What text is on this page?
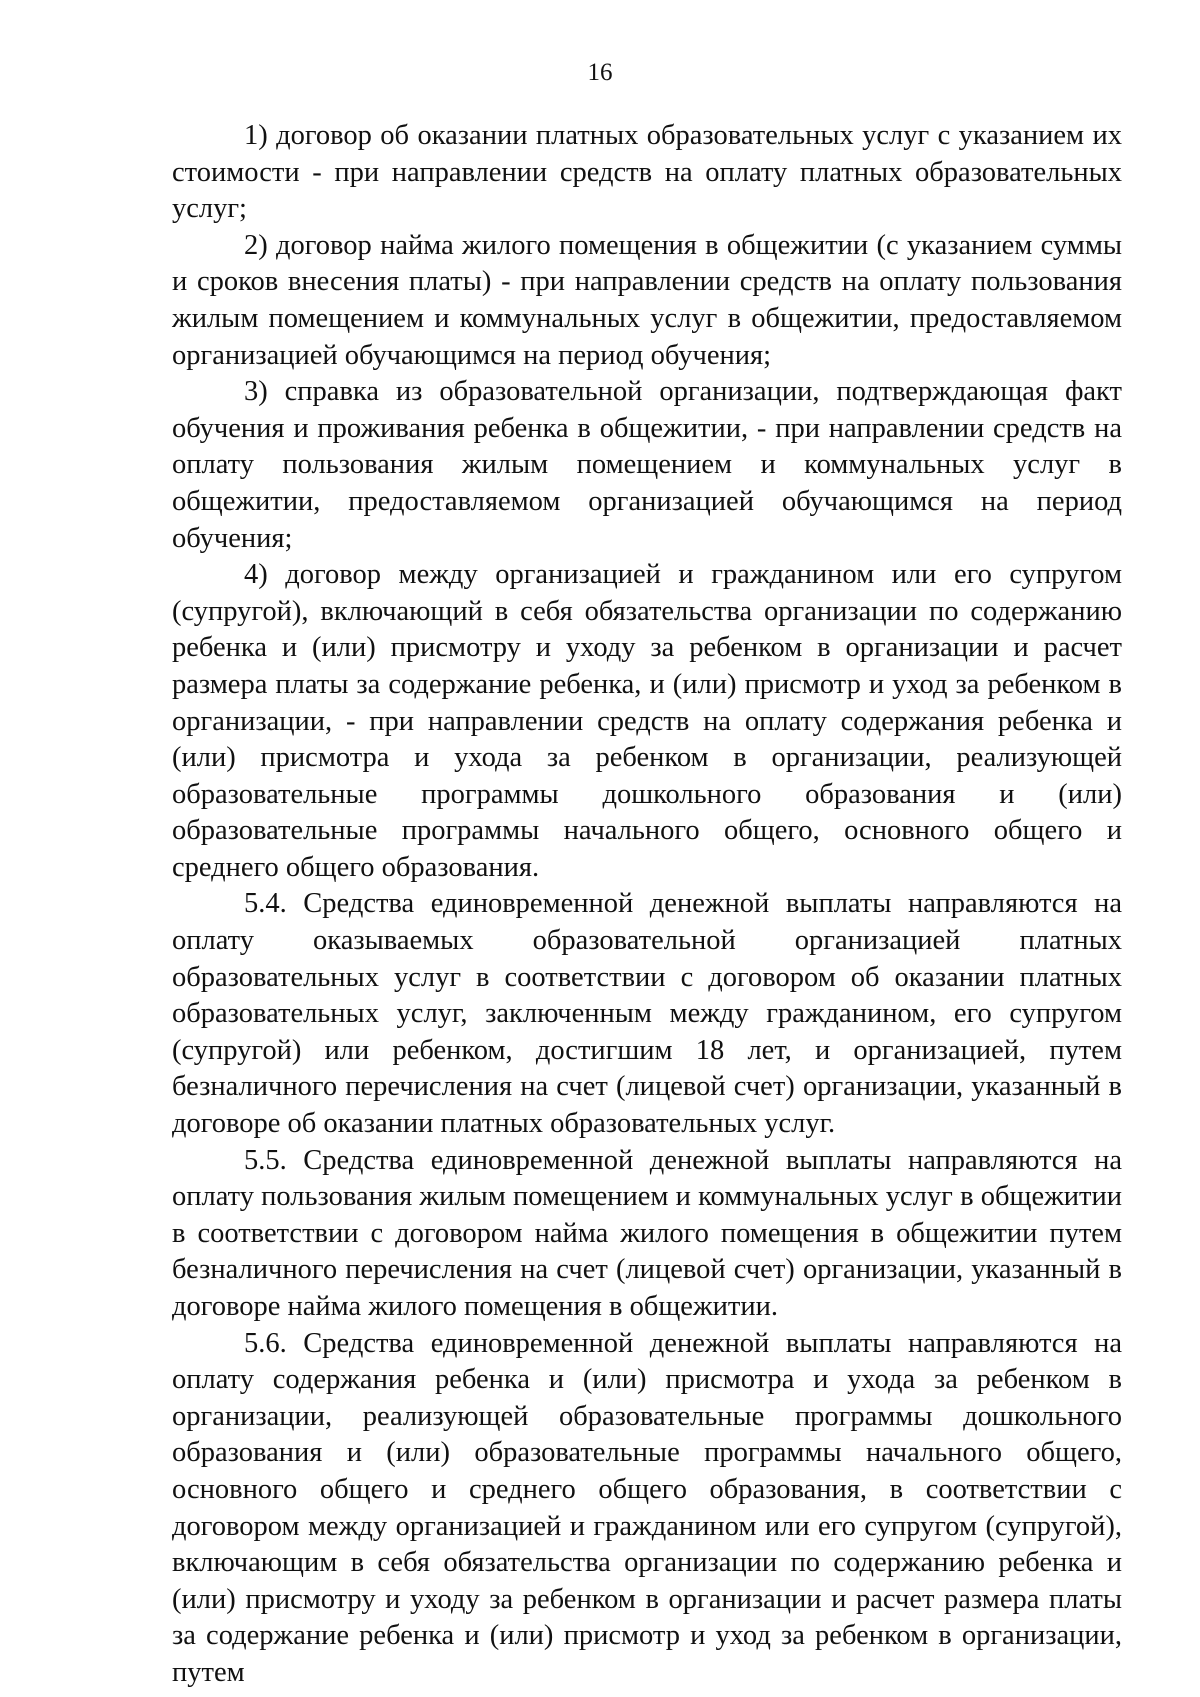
16

1) договор об оказании платных образовательных услуг с указанием их стоимости - при направлении средств на оплату платных образовательных услуг;

2) договор найма жилого помещения в общежитии (с указанием суммы и сроков внесения платы) - при направлении средств на оплату пользования жилым помещением и коммунальных услуг в общежитии, предоставляемом организацией обучающимся на период обучения;

3) справка из образовательной организации, подтверждающая факт обучения и проживания ребенка в общежитии, - при направлении средств на оплату пользования жилым помещением и коммунальных услуг в общежитии, предоставляемом организацией обучающимся на период обучения;

4) договор между организацией и гражданином или его супругом (супругой), включающий в себя обязательства организации по содержанию ребенка и (или) присмотру и уходу за ребенком в организации и расчет размера платы за содержание ребенка, и (или) присмотр и уход за ребенком в организации, - при направлении средств на оплату содержания ребенка и (или) присмотра и ухода за ребенком в организации, реализующей образовательные программы дошкольного образования и (или) образовательные программы начального общего, основного общего и среднего общего образования.

5.4. Средства единовременной денежной выплаты направляются на оплату оказываемых образовательной организацией платных образовательных услуг в соответствии с договором об оказании платных образовательных услуг, заключенным между гражданином, его супругом (супругой) или ребенком, достигшим 18 лет, и организацией, путем безналичного перечисления на счет (лицевой счет) организации, указанный в договоре об оказании платных образовательных услуг.

5.5. Средства единовременной денежной выплаты направляются на оплату пользования жилым помещением и коммунальных услуг в общежитии в соответствии с договором найма жилого помещения в общежитии путем безналичного перечисления на счет (лицевой счет) организации, указанный в договоре найма жилого помещения в общежитии.

5.6. Средства единовременной денежной выплаты направляются на оплату содержания ребенка и (или) присмотра и ухода за ребенком в организации, реализующей образовательные программы дошкольного образования и (или) образовательные программы начального общего, основного общего и среднего общего образования, в соответствии с договором между организацией и гражданином или его супругом (супругой), включающим в себя обязательства организации по содержанию ребенка и (или) присмотру и уходу за ребенком в организации и расчет размера платы за содержание ребенка и (или) присмотр и уход за ребенком в организации, путем
